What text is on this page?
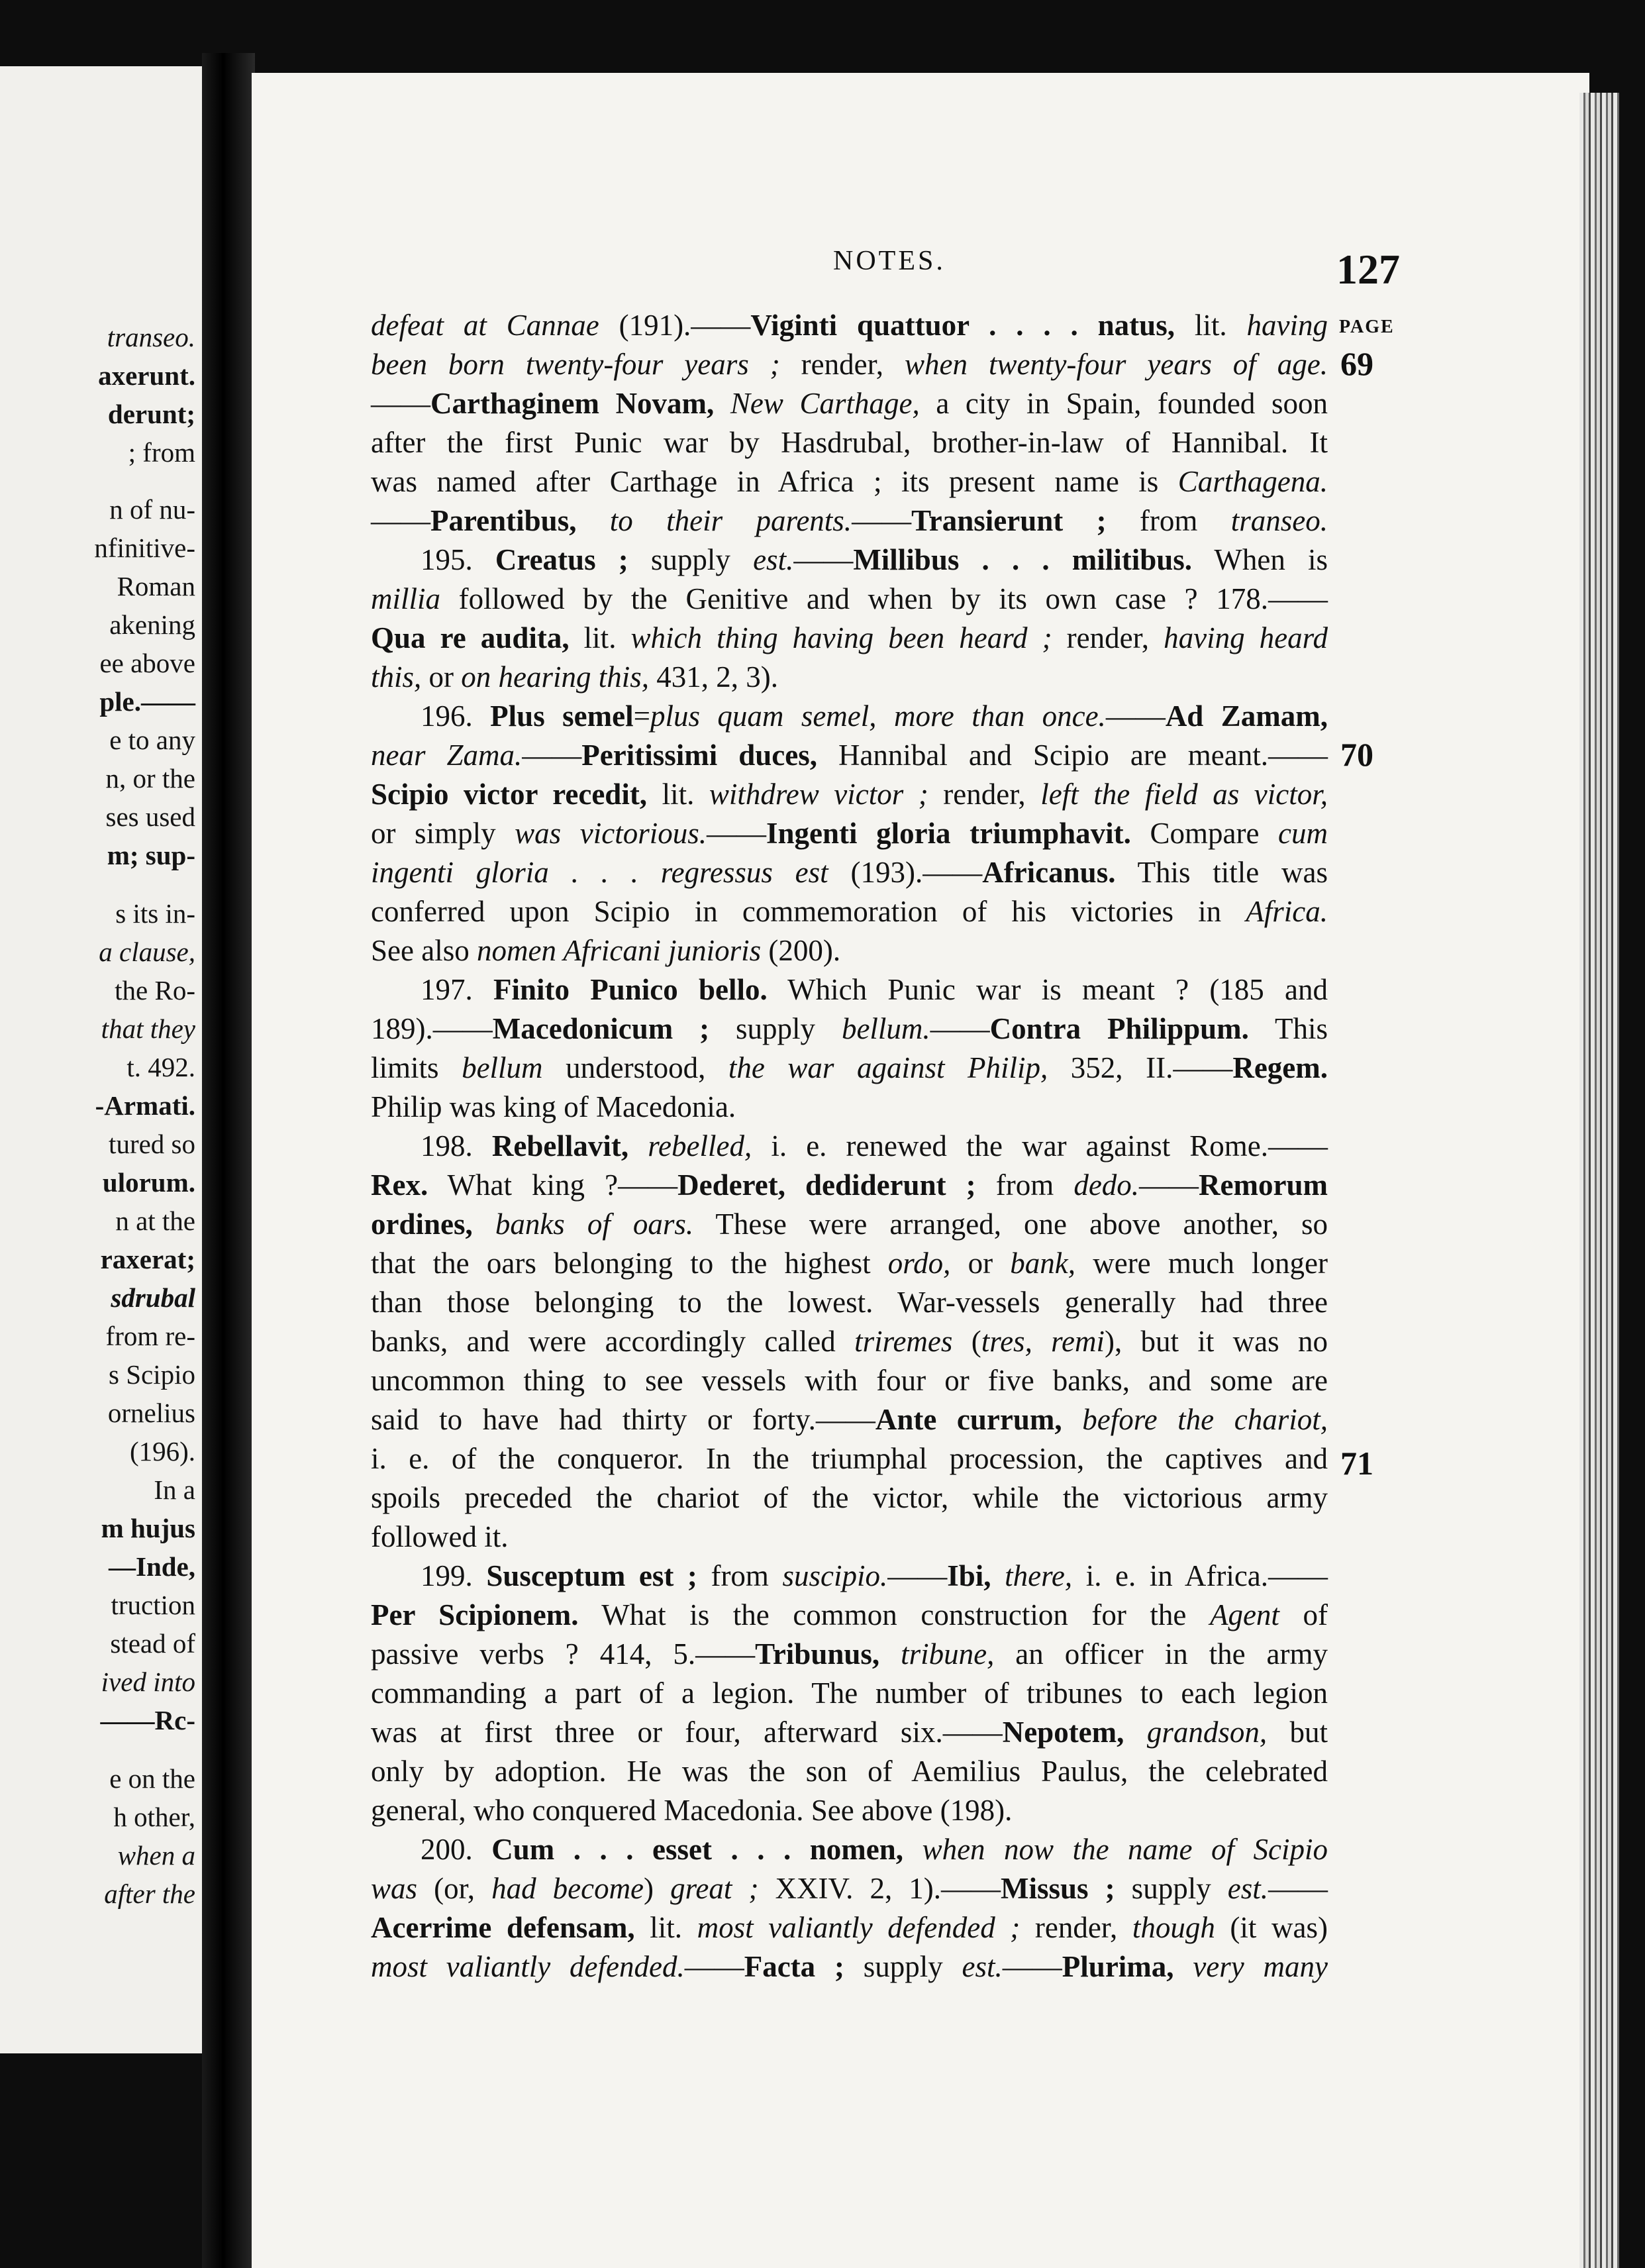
transeo.
axerunt.
derunt;
; from
n of nu-
nfinitive-
Roman
akening
ee above
ple.——
e to any
n, or the
ses used
m; sup-
s its in-
a clause,
the Ro-
that they
t. 492.
-Armati.
tured so
ulorum.
n at the
raxerat;
sdrubal
from re-
s Scipio
ornelius
(196).
In a
m hujus
—Inde,
truction
stead of
ived into
——Rc-
e on the
h other,
when a
after the
NOTES.	127
PAGE
69
70
71
defeat at Cannae (191).——Viginti quattuor . . . . natus, lit. having
been born twenty-four years ; render, when twenty-four years of age.
——Carthaginem Novam, New Carthage, a city in Spain, founded soon
after the first Punic war by Hasdrubal, brother-in-law of Hannibal. It
was named after Carthage in Africa ; its present name is Carthagena.
——Parentibus, to their parents.——Transierunt ; from transeo.
195. Creatus ; supply est.——Millibus . . . militibus. When is
millia followed by the Genitive and when by its own case ? 178.——
Qua re audita, lit. which thing having been heard ; render, having heard
this, or on hearing this, 431, 2, 3).
196. Plus semel=plus quam semel, more than once.——Ad Zamam,
near Zama.——Peritissimi duces, Hannibal and Scipio are meant.——
Scipio victor recedit, lit. withdrew victor ; render, left the field as victor,
or simply was victorious.——Ingenti gloria triumphavit. Compare cum
ingenti gloria . . . regressus est (193).——Africanus. This title was
conferred upon Scipio in commemoration of his victories in Africa.
See also nomen Africani junioris (200).
197. Finito Punico bello. Which Punic war is meant ? (185 and
189).——Macedonicum ; supply bellum.——Contra Philippum. This
limits bellum understood, the war against Philip, 352, II.——Regem.
Philip was king of Macedonia.
198. Rebellavit, rebelled, i. e. renewed the war against Rome.——
Rex. What king ?——Dederet, dediderunt ; from dedo.——Remorum
ordines, banks of oars. These were arranged, one above another, so
that the oars belonging to the highest ordo, or bank, were much longer
than those belonging to the lowest. War-vessels generally had three
banks, and were accordingly called triremes (tres, remi), but it was no
uncommon thing to see vessels with four or five banks, and some are
said to have had thirty or forty.——Ante currum, before the chariot,
i. e. of the conqueror. In the triumphal procession, the captives and
spoils preceded the chariot of the victor, while the victorious army
followed it.
199. Susceptum est ; from suscipio.——Ibi, there, i. e. in Africa.——
Per Scipionem. What is the common construction for the Agent of
passive verbs ? 414, 5.——Tribunus, tribune, an officer in the army
commanding a part of a legion. The number of tribunes to each legion
was at first three or four, afterward six.——Nepotem, grandson, but
only by adoption. He was the son of Aemilius Paulus, the celebrated
general, who conquered Macedonia. See above (198).
200. Cum . . . esset . . . nomen, when now the name of Scipio
was (or, had become) great ; XXIV. 2, 1).——Missus ; supply est.——
Acerrime defensam, lit. most valiantly defended ; render, though (it was)
most valiantly defended.——Facta ; supply est.——Plurima, very many
